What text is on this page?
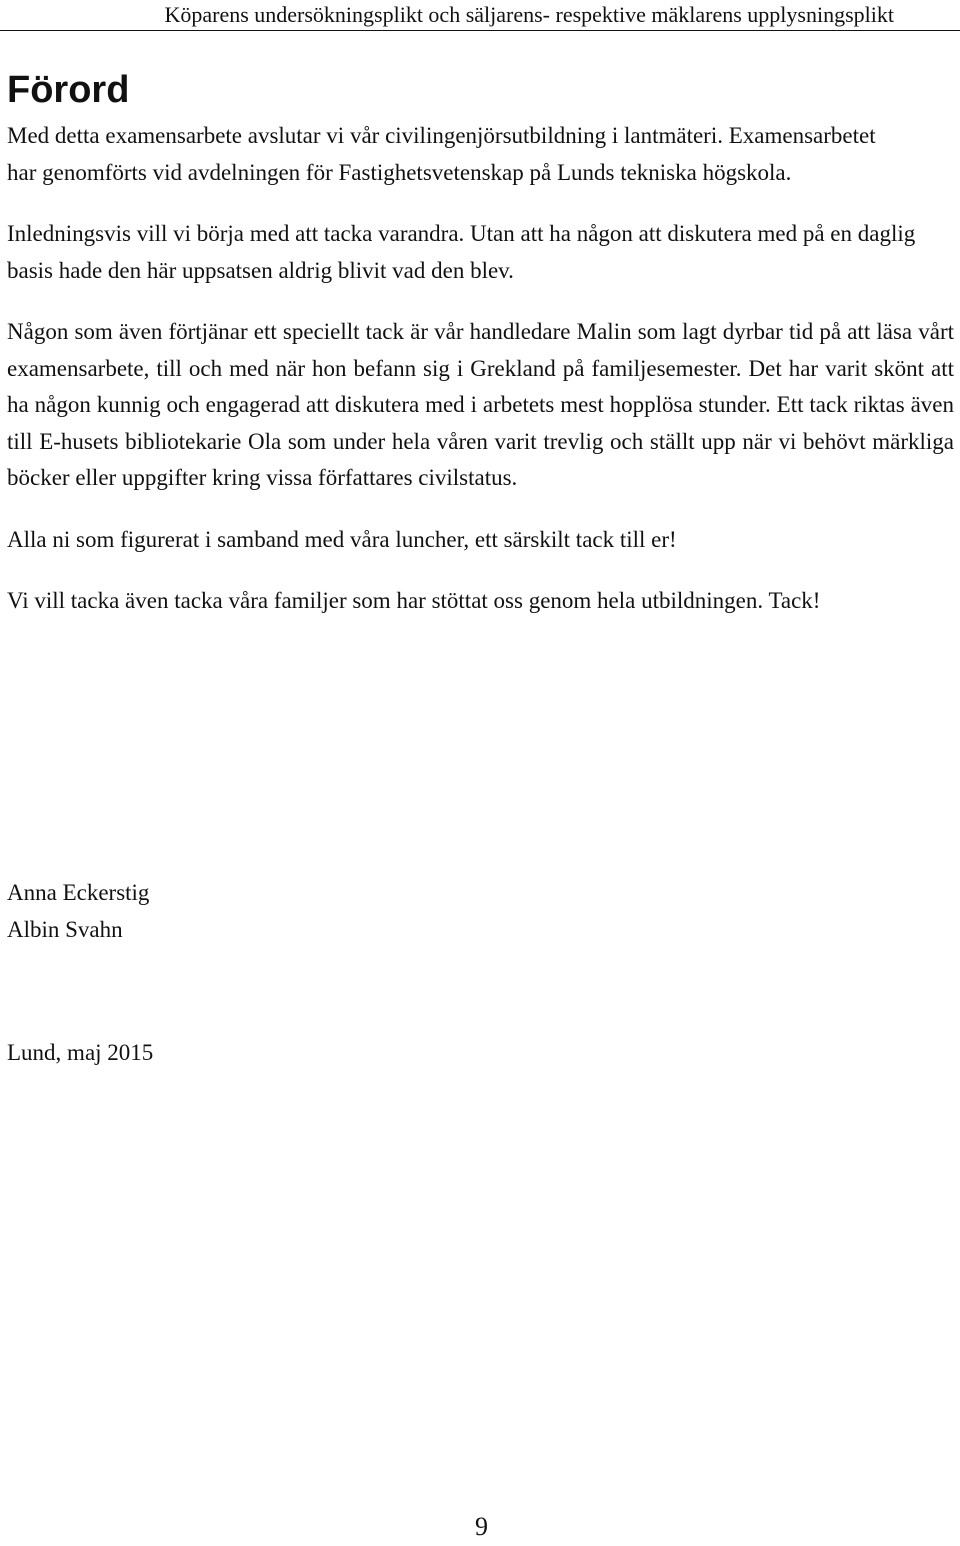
Köparens undersökningsplikt och säljarens- respektive mäklarens upplysningsplikt
Förord

Med detta examensarbete avslutar vi vår civilingenjörsutbildning i lantmäteri. Examensarbetet har genomförts vid avdelningen för Fastighetsvetenskap på Lunds tekniska högskola.

Inledningsvis vill vi börja med att tacka varandra. Utan att ha någon att diskutera med på en daglig basis hade den här uppsatsen aldrig blivit vad den blev.

Någon som även förtjänar ett speciellt tack är vår handledare Malin som lagt dyrbar tid på att läsa vårt examensarbete, till och med när hon befann sig i Grekland på familjesemester. Det har varit skönt att ha någon kunnig och engagerad att diskutera med i arbetets mest hopplösa stunder. Ett tack riktas även till E-husets bibliotekarie Ola som under hela våren varit trevlig och ställt upp när vi behövt märkliga böcker eller uppgifter kring vissa författares civilstatus.

Alla ni som figurerat i samband med våra luncher, ett särskilt tack till er!

Vi vill tacka även tacka våra familjer som har stöttat oss genom hela utbildningen. Tack!

Anna Eckerstig
Albin Svahn
Lund, maj 2015
9
